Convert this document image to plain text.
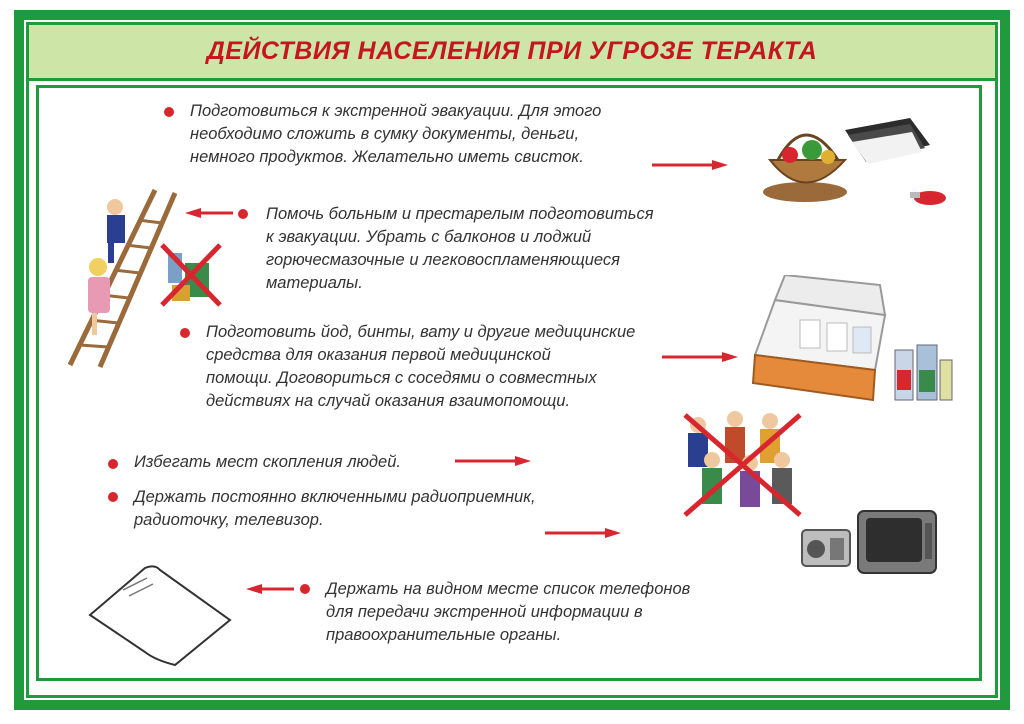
ДЕЙСТВИЯ НАСЕЛЕНИЯ ПРИ УГРОЗЕ ТЕРАКТА

Подготовиться к экстренной эвакуации. Для этого

необходимо сложить в сумку документы, деньги,

немного продуктов. Желательно иметь свисток.

Помочь больным и престарелым подготовиться

к эвакуации. Убрать с балконов и лоджий

горючесмазочные и легковоспламеняющиеся

материалы.

Подготовить йод, бинты, вату и другие медицинские

средства для оказания первой медицинской

помощи. Договориться с соседями о совместных

действиях на случай оказания взаимопомощи.

Избегать мест скопления людей.

Держать постоянно включенными радиоприемник,

радиоточку, телевизор.

Держать на видном месте список телефонов

для передачи экстренной информации в

правоохранительные органы.
